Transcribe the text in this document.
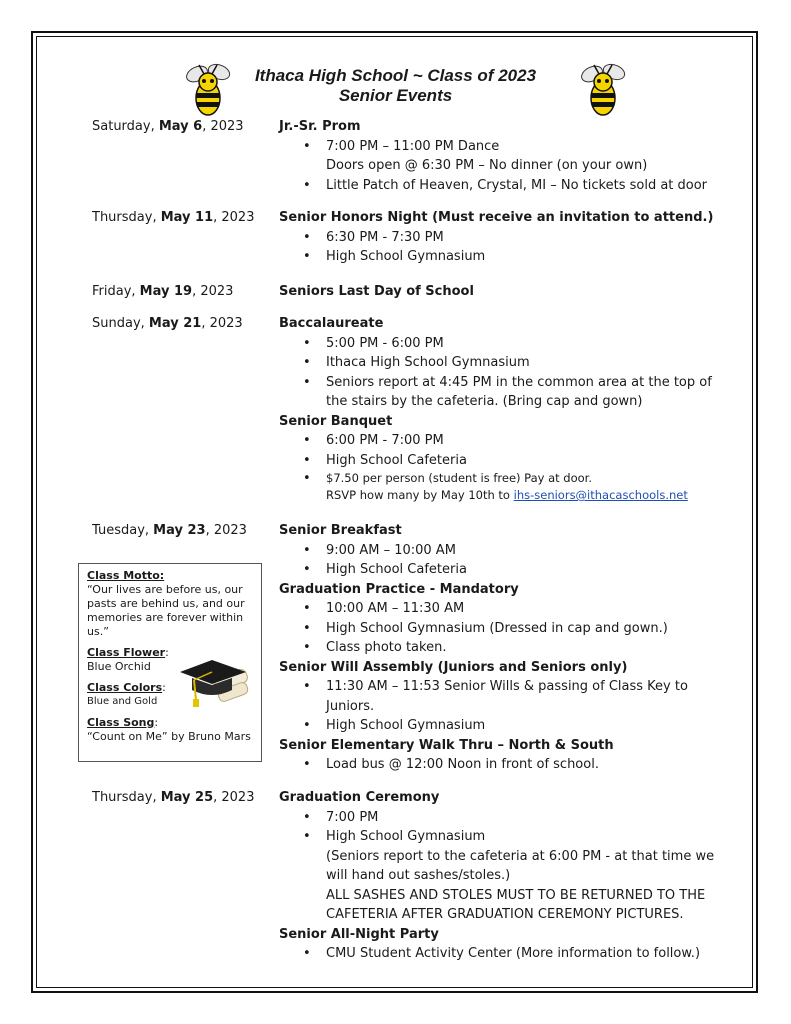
Ithaca High School ~ Class of 2023
Senior Events
Saturday, May 6, 2023	Jr.-Sr. Prom
• 7:00 PM – 11:00 PM Dance
Doors open @ 6:30 PM – No dinner (on your own)
• Little Patch of Heaven, Crystal, MI – No tickets sold at door
Thursday, May 11, 2023 Senior Honors Night (Must receive an invitation to attend.)
• 6:30 PM - 7:30 PM
• High School Gymnasium
Friday, May 19, 2023	Seniors Last Day of School
Sunday, May 21, 2023	Baccalaureate
• 5:00 PM - 6:00 PM
• Ithaca High School Gymnasium
• Seniors report at 4:45 PM in the common area at the top of the stairs by the cafeteria. (Bring cap and gown)
Senior Banquet
• 6:00 PM - 7:00 PM
• High School Cafeteria
• $7.50 per person (student is free) Pay at door.
RSVP how many by May 10th to ihs-seniors@ithacaschools.net
Tuesday, May 23, 2023 Senior Breakfast
• 9:00 AM – 10:00 AM
• High School Cafeteria
Graduation Practice - Mandatory
• 10:00 AM – 11:30 AM
• High School Gymnasium (Dressed in cap and gown.)
• Class photo taken.
Senior Will Assembly (Juniors and Seniors only)
• 11:30 AM – 11:53 Senior Wills & passing of Class Key to Juniors.
• High School Gymnasium
Senior Elementary Walk Thru – North & South
• Load bus @ 12:00 Noon in front of school.
Thursday, May 25, 2023 Graduation Ceremony
• 7:00 PM
• High School Gymnasium
(Seniors report to the cafeteria at 6:00 PM - at that time we will hand out sashes/stoles.)
ALL SASHES AND STOLES MUST TO BE RETURNED TO THE CAFETERIA AFTER GRADUATION CEREMONY PICTURES.
Senior All-Night Party
• CMU Student Activity Center (More information to follow.)
Class Motto:
“Our lives are before us, our pasts are behind us, and our memories are forever within us.”
Class Flower:
Blue Orchid
Class Colors:
Blue and Gold
Class Song:
“Count on Me” by Bruno Mars
